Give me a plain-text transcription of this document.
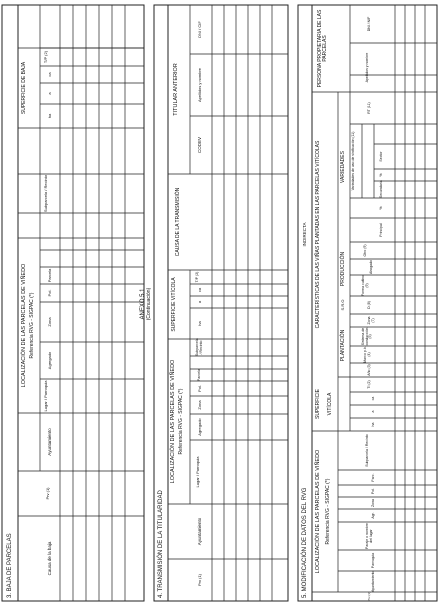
ANEXO 5.1 (Continuación)
3. BAJA DE PARCELAS
LOCALIZACIÓN DE LAS PARCELAS DE VIÑEDO Referencia RVG - SIGPAC (*)
SUPERFICIE DE BAJA
Causa de la baja
Prv (1)
Ayuntamiento
Lugar / Parroquia
Agregado
Zona
Pol.
Parcela
Subparcela / Recinto
ha
a
ca
T/P (2)
4. TRANSMISIÓN DE LA TITULARIDAD
LOCALIZACIÓN DE LAS PARCELAS DE VIÑEDO Referencia RVG - SIGPAC (*)
SUPERFICIE VITÍCOLA
CAUSA DE LA TRANSMISIÓN
TITULAR ANTERIOR
Prv (1)
Ayuntamiento
Lugar / Parroquia
Agregado
Zona
Pol.
Parcela
Subparcela / Recinto
ha
a
ca
T/P (2)
CODEV
Apellidos y nombre
DNI / CIF
5. MODIFICACIÓN DE DATOS DEL RVG LOCALIZACIÓN DE LAS PARCELAS DE VIÑEDO Referencia RVG - SIGPAC (*)
SUPERFICIE VITÍCOLA
INDIRECTA CARACTERÍSTICAS DE LAS VIÑAS PLANTADAS EN LAS PARCELAS VITÍCOLAS
PLANTACIÓN
S.R.O
PRODUCCIÓN
VARIEDADES
PERSONA PROPIETARIA DE LAS PARCELAS
Prv (1)
Ayuntamiento
Parroquia
Paraje o nombre del lugar
Agr.
Zona
Pol.
Parc.
Subparcela / Recinto
ha
a
ca
TI (2)
Año (3)
Marco p.b. (4)
Sistema de conducción (5)
Zona (7)
D (8)
Forma cultivo (9)
Ahogado
Otro (9)
Variedades de uso de vinificación (11)
Principal
%
Secundaria
%
Sector
RT (11)
Apellidos y nombre
DNI / NIF
